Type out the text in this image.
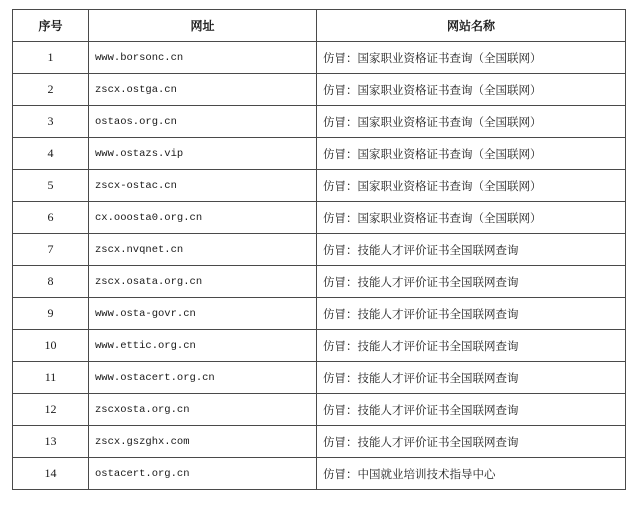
序号	网址	网站名称
1	www.borsonc.cn	仿冒：国家职业资格证书查询（全国联网）
2	zscx.ostga.cn	仿冒：国家职业资格证书查询（全国联网）
3	ostaos.org.cn	仿冒：国家职业资格证书查询（全国联网）
4	www.ostazs.vip	仿冒：国家职业资格证书查询（全国联网）
5	zscx-ostac.cn	仿冒：国家职业资格证书查询（全国联网）
6	cx.ooosta0.org.cn	仿冒：国家职业资格证书查询（全国联网）
7	zscx.nvqnet.cn	仿冒：技能人才评价证书全国联网查询
8	zscx.osata.org.cn	仿冒：技能人才评价证书全国联网查询
9	www.osta-govr.cn	仿冒：技能人才评价证书全国联网查询
10	www.ettic.org.cn	仿冒：技能人才评价证书全国联网查询
11	www.ostacert.org.cn	仿冒：技能人才评价证书全国联网查询
12	zscxosta.org.cn	仿冒：技能人才评价证书全国联网查询
13	zscx.gszghx.com	仿冒：技能人才评价证书全国联网查询
14	ostacert.org.cn	仿冒：中国就业培训技术指导中心
